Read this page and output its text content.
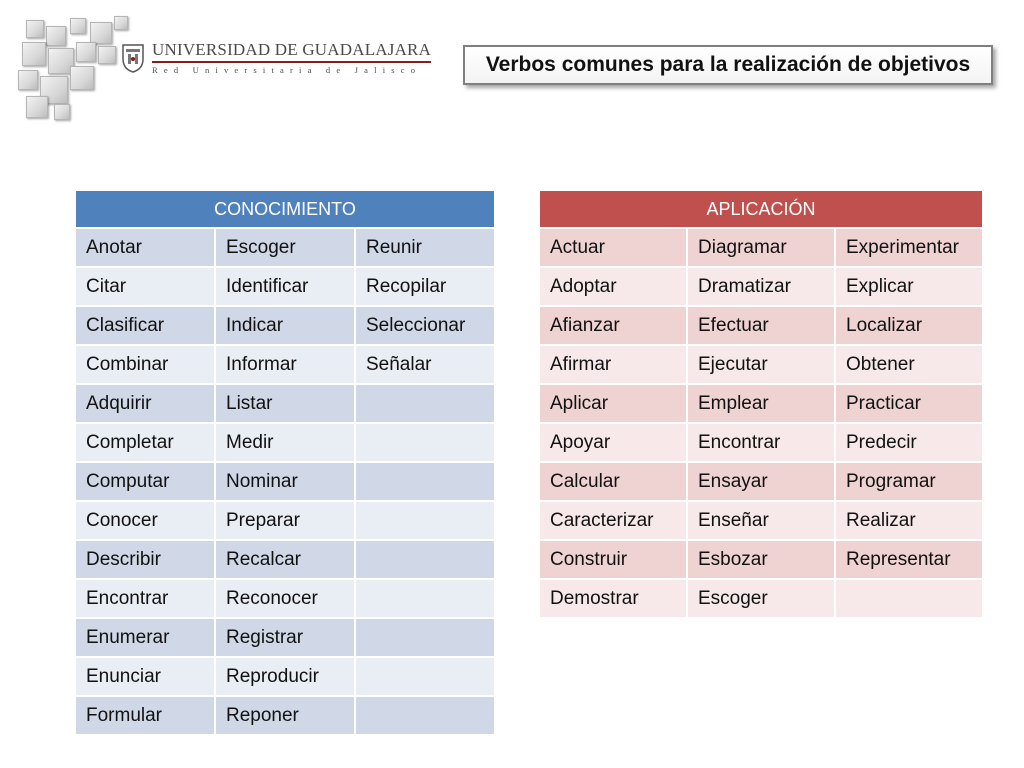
UNIVERSIDAD DE GUADALAJARA
Red Universitaria de Jalisco	Verbos comunes para la realización de objetivos
CONOCIMIENTO		
Anotar	Escoger	Reunir
Citar	Identificar	Recopilar
Clasificar	Indicar	Seleccionar
Combinar	Informar	Señalar
Adquirir	Listar	
Completar	Medir	
Computar	Nominar	
Conocer	Preparar	
Describir	Recalcar	
Encontrar	Reconocer	
Enumerar	Registrar	
Enunciar	Reproducir	
Formular	Reponer	
APLICACIÓN		
Actuar	Diagramar	Experimentar
Adoptar	Dramatizar	Explicar
Afianzar	Efectuar	Localizar
Afirmar	Ejecutar	Obtener
Aplicar	Emplear	Practicar
Apoyar	Encontrar	Predecir
Calcular	Ensayar	Programar
Caracterizar	Enseñar	Realizar
Construir	Esbozar	Representar
Demostrar	Escoger	
